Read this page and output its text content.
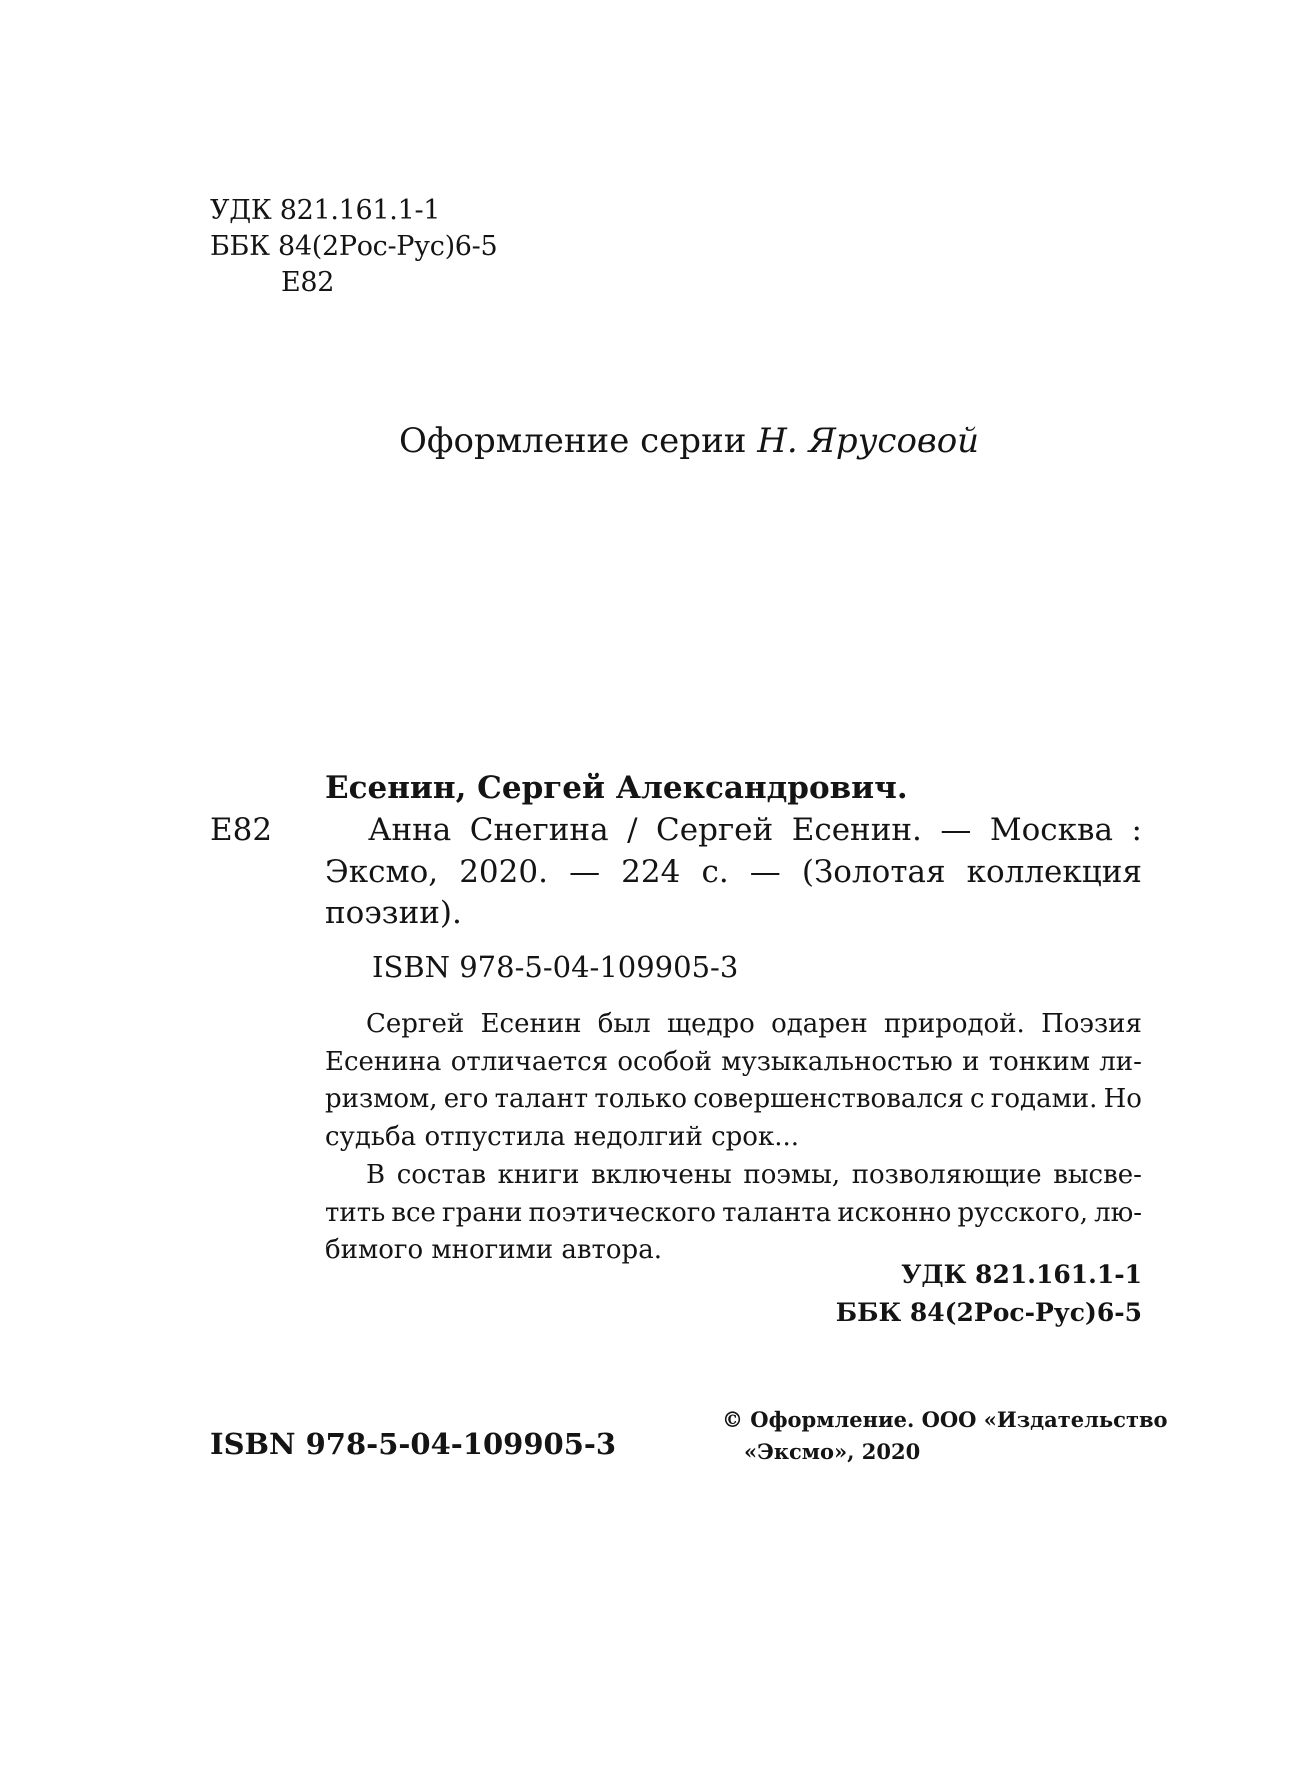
УДК 821.161.1-1
ББК 84(2Рос-Рус)6-5
Е82
Оформление серии Н. Ярусовой
Есенин, Сергей Александрович.
Е82	Анна Снегина / Сергей Есенин. — Москва :
Эксмо, 2020. — 224 с. — (Золотая коллекция
поэзии).
ISBN 978-5-04-109905-3
Сергей Есенин был щедро одарен природой. Поэзия
Есенина отличается особой музыкальностью и тонким ли-
ризмом, его талант только совершенствовался с годами. Но
судьба отпустила недолгий срок...
В состав книги включены поэмы, позволяющие высве-
тить все грани поэтического таланта исконно русского, лю-
бимого многими автора.
УДК 821.161.1-1
ББК 84(2Рос-Рус)6-5
ISBN 978-5-04-109905-3
© Оформление. ООО «Издательство
«Эксмо», 2020
